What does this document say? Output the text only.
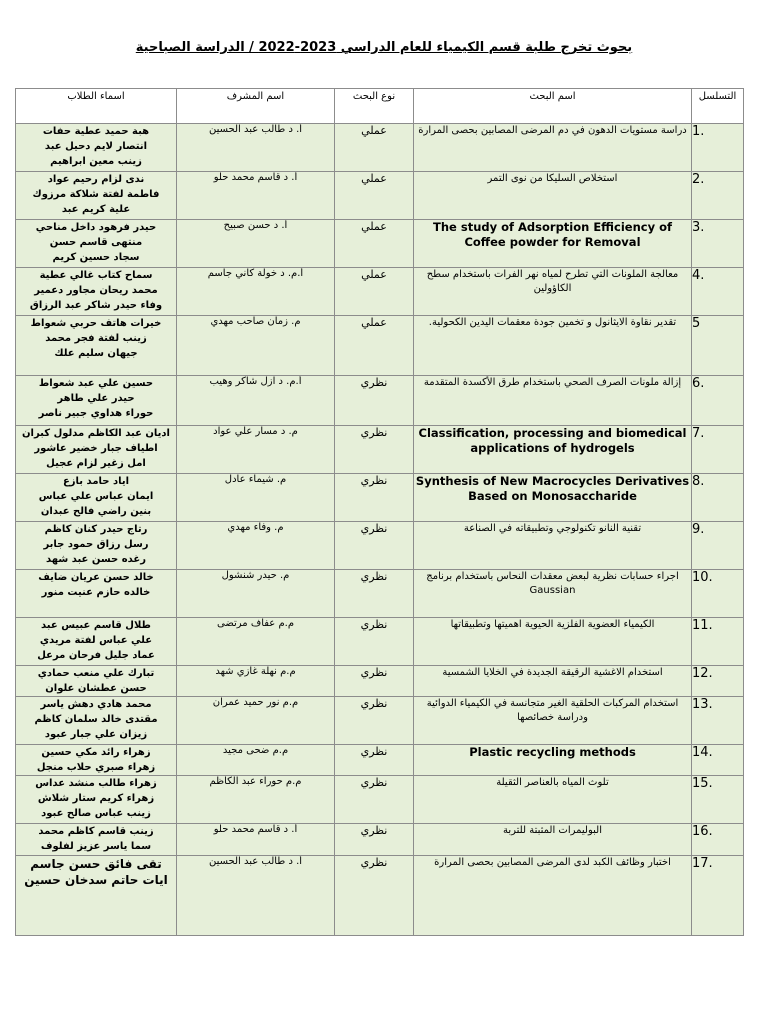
بحوث تخرج طلبة قسم الكيمياء للعام الدراسي 2023-2022 / الدراسة الصباحية
التسلسل	اسم البحث	نوع البحث	اسم المشرف	اسماء الطلاب
1.	دراسة مستويات الدهون في دم المرضى المصابين بحصى المرارة	عملي	أ. د طالب عبد الحسين	هبة حميد عطية حفات
انتصار لايم دحيل عبد
زينب معين ابراهيم

2.	استخلاص السليكا من نوى التمر	عملي	أ. د قاسم محمد حلو	ندى لزام رحيم عواد
فاطمة لفتة شلاكة مرزوك
علية كريم عبد

3.	The study of Adsorption Efficiency of Coffee powder for Removal	عملي	أ. د حسن صبيح	حيدر فرهود داخل مناحي
منتهى قاسم حسن
سجاد حسين كريم

4.	معالجة الملونات التي تطرح لمياه نهر الفرات باستخدام سطح الكاؤولين	عملي	أ.م. د خولة كاني جاسم	سماح كتاب غالي عطية
محمد ريحان مجاور دعمير
وفاء حيدر شاكر عبد الرزاق

5	تقدير نقاوة الايثانول و تخمين جودة معقمات اليدين الكحولية.	عملي	م. زمان صاحب مهدي	خيرات هاتف حربي شعواط
زينب لفتة فجر محمد
جيهان سليم علك

6.	إزالة ملونات الصرف الصحي باستخدام طرق الأكسدة المتقدمة	نظري	أ.م. د ازل شاكر وهيب	حسين علي عبد شعواط
حيدر علي طاهر
حوراء هداوي جبير ناصر

7.	Classification, processing and biomedical applications of hydrogels	نظري	م. د مسار علي عواد	اديان عبد الكاظم مدلول كبران
اطياف جبار خضير عاشور
امل زغير لزام عجيل

8.	Synthesis of New Macrocycles Derivatives Based on Monosaccharide	نظري	م. شيماء عادل	اياد حامد بازع
ايمان عباس علي عباس
بنين راضي فالح عبدان

9.	تقنية النانو تكنولوجي وتطبيقاته في الصناعة	نظري	م. وفاء مهدي	رتاج حيدر كنان كاظم
رسل رزاق حمود جابر
رغده حسن عبد شهد

10.	اجراء حسابات نظرية لبعض معقدات النحاس باستخدام برنامج Gaussian	نظري	م. حيدر شنشول	خالد حسن عريان ضايف
خالده حازم عنيت منور

11.	الكيمياء العضوية الفلزية الحيوية اهميتها وتطبيقاتها	نظري	م.م عفاف مرتضى	طلال قاسم عبيس عبد
علي عباس لفتة مريدي
عماد جليل فرحان مرعل

12.	استخدام الاغشية الرقيقة الجديدة في الخلايا الشمسية	نظري	م.م نهلة غازي شهد	تبارك علي منعب حمادي
حسن عطشان علوان

13.	استخدام المركبات الحلقية الغير متجانسة في الكيمياء الدوائية ودراسة خصائصها	نظري	م.م نور حميد عمران	محمد هادي دهش ياسر
مقتدى خالد سلمان كاظم
زيزان علي جبار عبود

14.	Plastic recycling methods	نظري	م.م ضحى مجيد	زهراء رائد مكي حسين
زهراء صبري حلاب منجل

15.	تلوث المياه بالعناصر الثقيلة	نظري	م.م حوراء عبد الكاظم	زهراء طالب منشد عداس
زهراء كريم ستار شلاش
زينب عباس صالح عبود

16.	البوليمرات المثبتة للتربة	نظري	أ. د قاسم محمد حلو	زينب قاسم كاظم محمد
سما ياسر عزيز لفلوف

17.	اختبار وظائف الكبد لدى المرضى المصابين بحصى المرارة	نظري	أ. د طالب عبد الحسين	تقى فائق حسن جاسم
ايات حاتم سدخان حسين
